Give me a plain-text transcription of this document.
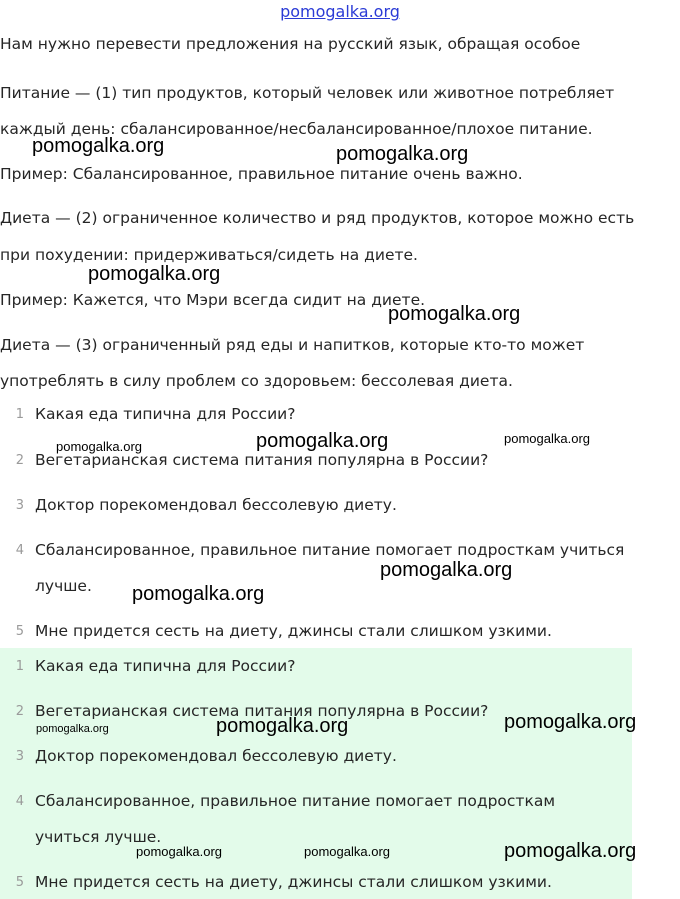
pomogalka.org
Нам нужно перевести предложения на русский язык, обращая особое
Питание — (1) тип продуктов, который человек или животное потребляет
каждый день: сбалансированное/несбалансированное/плохое питание.
Пример: Сбалансированное, правильное питание очень важно.
Диета — (2) ограниченное количество и ряд продуктов, которое можно есть
при похудении: придерживаться/сидеть на диете.
Пример: Кажется, что Мэри всегда сидит на диете.
Диета — (3) ограниченный ряд еды и напитков, которые кто-то может
употреблять в силу проблем со здоровьем: бессолевая диета.
1 Какая еда типична для России?
2 Вегетарианская система питания популярна в России?
3 Доктор порекомендовал бессолевую диету.
4 Сбалансированное, правильное питание помогает подросткам учиться
лучше.
5 Мне придется сесть на диету, джинсы стали слишком узкими.
1 Какая еда типична для России?
2 Вегетарианская система питания популярна в России?
3 Доктор порекомендовал бессолевую диету.
4 Сбалансированное, правильное питание помогает подросткам
учиться лучше.
5 Мне придется сесть на диету, джинсы стали слишком узкими.
pomogalka.org	pomogalka.org
pomogalka.org
pomogalka.org
pomogalka.org	pomogalka.org	pomogalka.org
pomogalka.org
pomogalka.org
pomogalka.org	pomogalka.org	pomogalka.org
pomogalka.org	pomogalka.org	pomogalka.org
